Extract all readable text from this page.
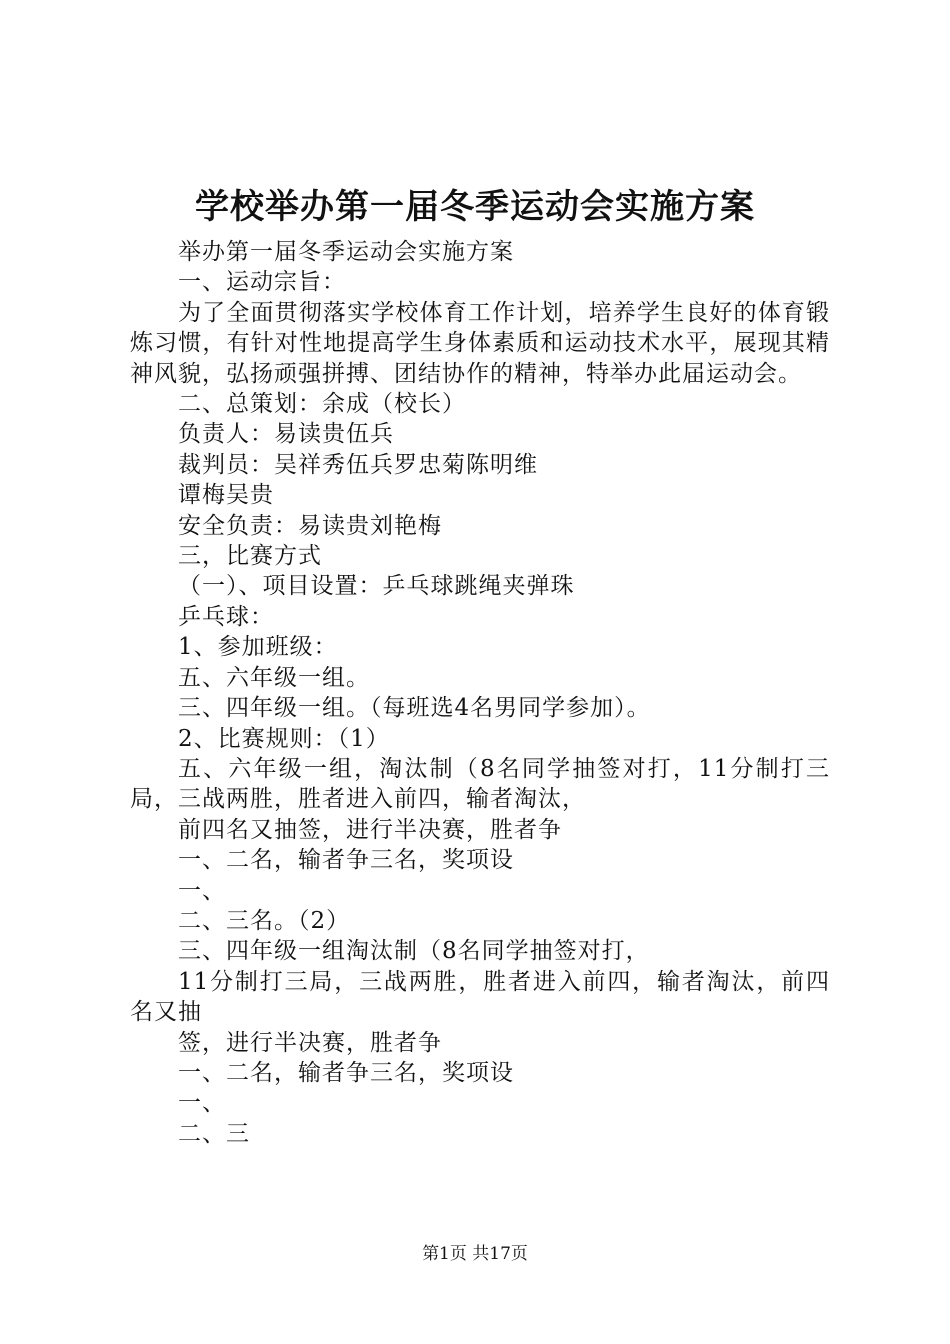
学校举办第一届冬季运动会实施方案

举办第一届冬季运动会实施方案

一、运动宗旨：

为了全面贯彻落实学校体育工作计划，培养学生良好的体育锻炼习惯，有针对性地提高学生身体素质和运动技术水平，展现其精神风貌，弘扬顽强拼搏、团结协作的精神，特举办此届运动会。

二、总策划：余成（校长）

负责人：易读贵伍兵

裁判员：吴祥秀伍兵罗忠菊陈明维

谭梅吴贵

安全负责：易读贵刘艳梅

三，比赛方式

（一）、项目设置：乒乓球跳绳夹弹珠

乒乓球：

1、参加班级：

五、六年级一组。

三、四年级一组。（每班选4名男同学参加）。

2、比赛规则：（1）

五、六年级一组，淘汰制（8名同学抽签对打，11分制打三局，三战两胜，胜者进入前四，输者淘汰，

前四名又抽签，进行半决赛，胜者争

一、二名，输者争三名，奖项设

一、

二、三名。（2）

三、四年级一组淘汰制（8名同学抽签对打，

11分制打三局，三战两胜，胜者进入前四，输者淘汰，前四名又抽

签，进行半决赛，胜者争

一、二名，输者争三名，奖项设

一、

二、三

第1页 共17页
